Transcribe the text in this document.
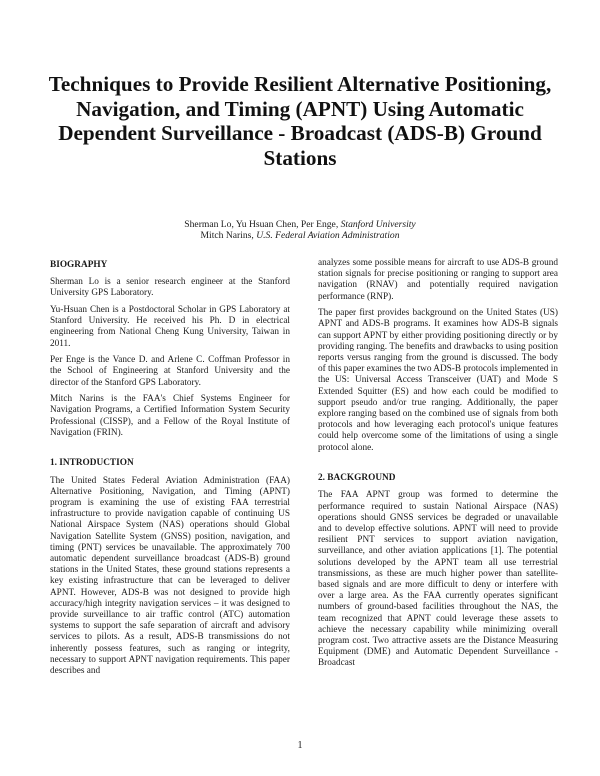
Techniques to Provide Resilient Alternative Positioning, Navigation, and Timing (APNT) Using Automatic Dependent Surveillance - Broadcast (ADS-B) Ground Stations
Sherman Lo, Yu Hsuan Chen, Per Enge, Stanford University
Mitch Narins, U.S. Federal Aviation Administration
BIOGRAPHY

Sherman Lo is a senior research engineer at the Stanford University GPS Laboratory.

Yu-Hsuan Chen is a Postdoctoral Scholar in GPS Laboratory at Stanford University. He received his Ph. D in electrical engineering from National Cheng Kung University, Taiwan in 2011.

Per Enge is the Vance D. and Arlene C. Coffman Professor in the School of Engineering at Stanford University and the director of the Stanford GPS Laboratory.

Mitch Narins is the FAA's Chief Systems Engineer for Navigation Programs, a Certified Information System Security Professional (CISSP), and a Fellow of the Royal Institute of Navigation (FRIN).

1. INTRODUCTION

The United States Federal Aviation Administration (FAA) Alternative Positioning, Navigation, and Timing (APNT) program is examining the use of existing FAA terrestrial infrastructure to provide navigation capable of continuing US National Airspace System (NAS) operations should Global Navigation Satellite System (GNSS) position, navigation, and timing (PNT) services be unavailable. The approximately 700 automatic dependent surveillance broadcast (ADS-B) ground stations in the United States, these ground stations represents a key existing infrastructure that can be leveraged to deliver APNT. However, ADS-B was not designed to provide high accuracy/high integrity navigation services – it was designed to provide surveillance to air traffic control (ATC) automation systems to support the safe separation of aircraft and advisory services to pilots. As a result, ADS-B transmissions do not inherently possess features, such as ranging or integrity, necessary to support APNT navigation requirements. This paper describes and

analyzes some possible means for aircraft to use ADS-B ground station signals for precise positioning or ranging to support area navigation (RNAV) and potentially required navigation performance (RNP).

The paper first provides background on the United States (US) APNT and ADS-B programs. It examines how ADS-B signals can support APNT by either providing positioning directly or by providing ranging. The benefits and drawbacks to using position reports versus ranging from the ground is discussed. The body of this paper examines the two ADS-B protocols implemented in the US: Universal Access Transceiver (UAT) and Mode S Extended Squitter (ES) and how each could be modified to support pseudo and/or true ranging. Additionally, the paper explore ranging based on the combined use of signals from both protocols and how leveraging each protocol's unique features could help overcome some of the limitations of using a single protocol alone.

2. BACKGROUND

The FAA APNT group was formed to determine the performance required to sustain National Airspace (NAS) operations should GNSS services be degraded or unavailable and to develop effective solutions. APNT will need to provide resilient PNT services to support aviation navigation, surveillance, and other aviation applications [1]. The potential solutions developed by the APNT team all use terrestrial transmissions, as these are much higher power than satellite-based signals and are more difficult to deny or interfere with over a large area. As the FAA currently operates significant numbers of ground-based facilities throughout the NAS, the team recognized that APNT could leverage these assets to achieve the necessary capability while minimizing overall program cost. Two attractive assets are the Distance Measuring Equipment (DME) and Automatic Dependent Surveillance - Broadcast

1
